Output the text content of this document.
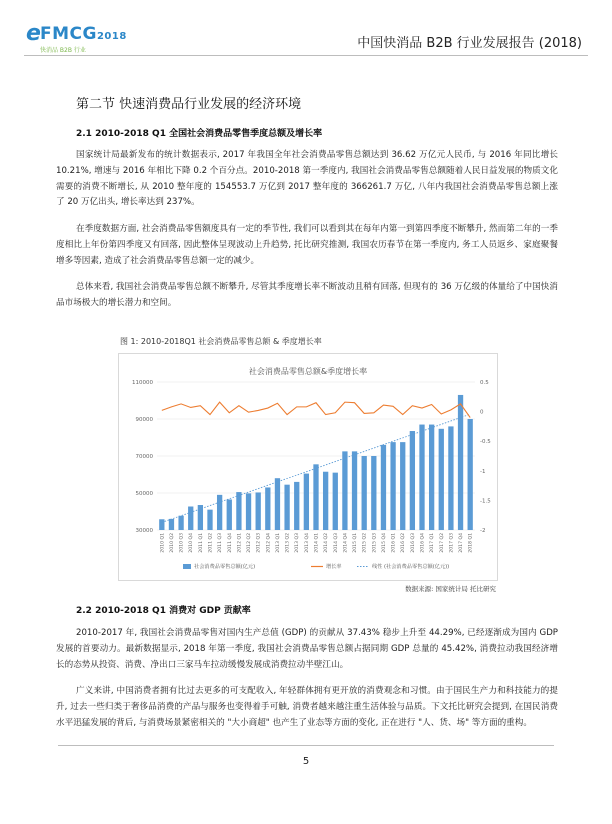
e FMCG2018
快消品 B2B 行业	中国快消品 B2B 行业发展报告 (2018)
第二节 快速消费品行业发展的经济环境
2.1 2010-2018 Q1 全国社会消费品零售季度总额及增长率
国家统计局最新发布的统计数据表示, 2017 年我国全年社会消费品零售总额达到 36.62 万亿元人民币, 与 2016 年同比增长 10.21%, 增速与 2016 年相比下降 0.2 个百分点。2010-2018 第一季度内, 我国社会消费品零售总额随着人民日益发展的物质文化需要的消费不断增长, 从 2010 整年度的 154553.7 万亿到 2017 整年度的 366261.7 万亿, 八年内我国社会消费品零售总额上涨了 20 万亿出头, 增长率达到 237%。
在季度数据方面, 社会消费品零售额度具有一定的季节性, 我们可以看到其在每年内第一到第四季度不断攀升, 然而第二年的一季度相比上年份第四季度又有回落, 因此整体呈现波动上升趋势, 托比研究推测, 我国农历春节在第一季度内, 务工人员返乡、家庭聚餐增多等因素, 造成了社会消费品零售总额一定的减少。
总体来看, 我国社会消费品零售总额不断攀升, 尽管其季度增长率不断波动且稍有回落, 但现有的 36 万亿级的体量给了中国快消品市场极大的增长潜力和空间。
图 1: 2010-2018Q1 社会消费品零售总额 & 季度增长率
社会消费品零售总额&季度增长率
30000
50000
70000
90000
110000	0.5
0
-0.5
-1
-1.5
-2
2010 Q1 2010 Q2 2010 Q3 2010 Q4 2011 Q1 2011 Q2 2011 Q3 2011 Q4 2012 Q1 2012 Q2 2012 Q3 2012 Q4 2013 Q1 2013 Q2 2013 Q3 2013 Q4 2014 Q1 2014 Q2 2014 Q3 2014 Q4 2015 Q1 2015 Q2 2015 Q3 2015 Q4 2016 Q1 2016 Q2 2016 Q3 2016 Q4 2017 Q1 2017 Q2 2017 Q3 2017 Q4 2018 Q1
社会消费品零售总额(亿元)	增长率	线性 (社会消费品零售总额(亿元))
数据来源: 国家统计局 托比研究
2.2 2010-2018 Q1 消费对 GDP 贡献率
2010-2017 年, 我国社会消费品零售对国内生产总值 (GDP) 的贡献从 37.43% 稳步上升至 44.29%, 已经逐渐成为国内 GDP 发展的首要动力。最新数据显示, 2018 年第一季度, 我国社会消费品零售总额占据同期 GDP 总量的 45.42%, 消费拉动我国经济增长的态势从投资、消费、净出口三家马车拉动缓慢发展成消费拉动半壁江山。
广义来讲, 中国消费者拥有比过去更多的可支配收入, 年轻群体拥有更开放的消费观念和习惯。由于国民生产力和科技能力的提升, 过去一些归类于奢侈品消费的产品与服务也变得着手可触, 消费者越来越注重生活体验与品质。下文托比研究会提到, 在国民消费水平迅猛发展的背后, 与消费场景紧密相关的 "大小商超" 也产生了业态等方面的变化, 正在进行 "人、货、场" 等方面的重构。
5
